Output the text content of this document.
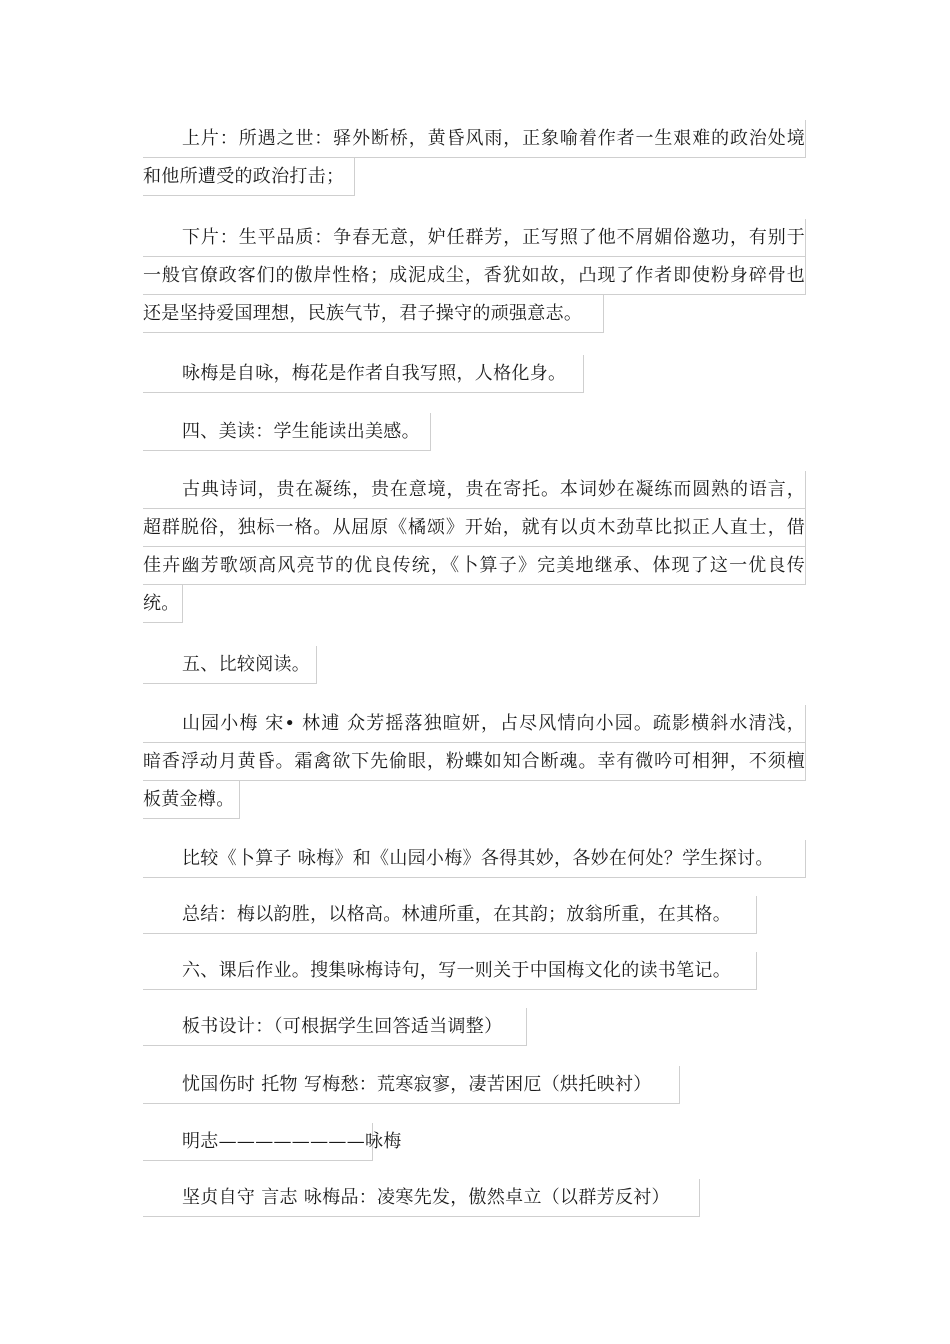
上片：所遇之世：驿外断桥，黄昏风雨，正象喻着作者一生艰难的政治处境
和他所遭受的政治打击；
下片：生平品质：争春无意，妒任群芳，正写照了他不屑媚俗邀功，有别于
一般官僚政客们的傲岸性格；成泥成尘，香犹如故，凸现了作者即使粉身碎骨也
还是坚持爱国理想，民族气节，君子操守的顽强意志。
咏梅是自咏，梅花是作者自我写照，人格化身。
四、美读：学生能读出美感。
古典诗词，贵在凝练，贵在意境，贵在寄托。本词妙在凝练而圆熟的语言，
超群脱俗，独标一格。从屈原《橘颂》开始，就有以贞木劲草比拟正人直士，借
佳卉幽芳歌颂高风亮节的优良传统，《卜算子》完美地继承、体现了这一优良传
统。
五、比较阅读。
山园小梅 宋• 林逋 众芳摇落独暄妍，占尽风情向小园。疏影横斜水清浅，
暗香浮动月黄昏。霜禽欲下先偷眼，粉蝶如知合断魂。幸有微吟可相狎，不须檀
板黄金樽。
比较《卜算子 咏梅》和《山园小梅》各得其妙，各妙在何处？学生探讨。
总结：梅以韵胜，以格高。林逋所重，在其韵；放翁所重，在其格。
六、课后作业。搜集咏梅诗句，写一则关于中国梅文化的读书笔记。
板书设计：（可根据学生回答适当调整）
忧国伤时 托物 写梅愁：荒寒寂寥，凄苦困厄（烘托映衬）
明志————————咏梅
坚贞自守 言志 咏梅品：凌寒先发，傲然卓立（以群芳反衬）
